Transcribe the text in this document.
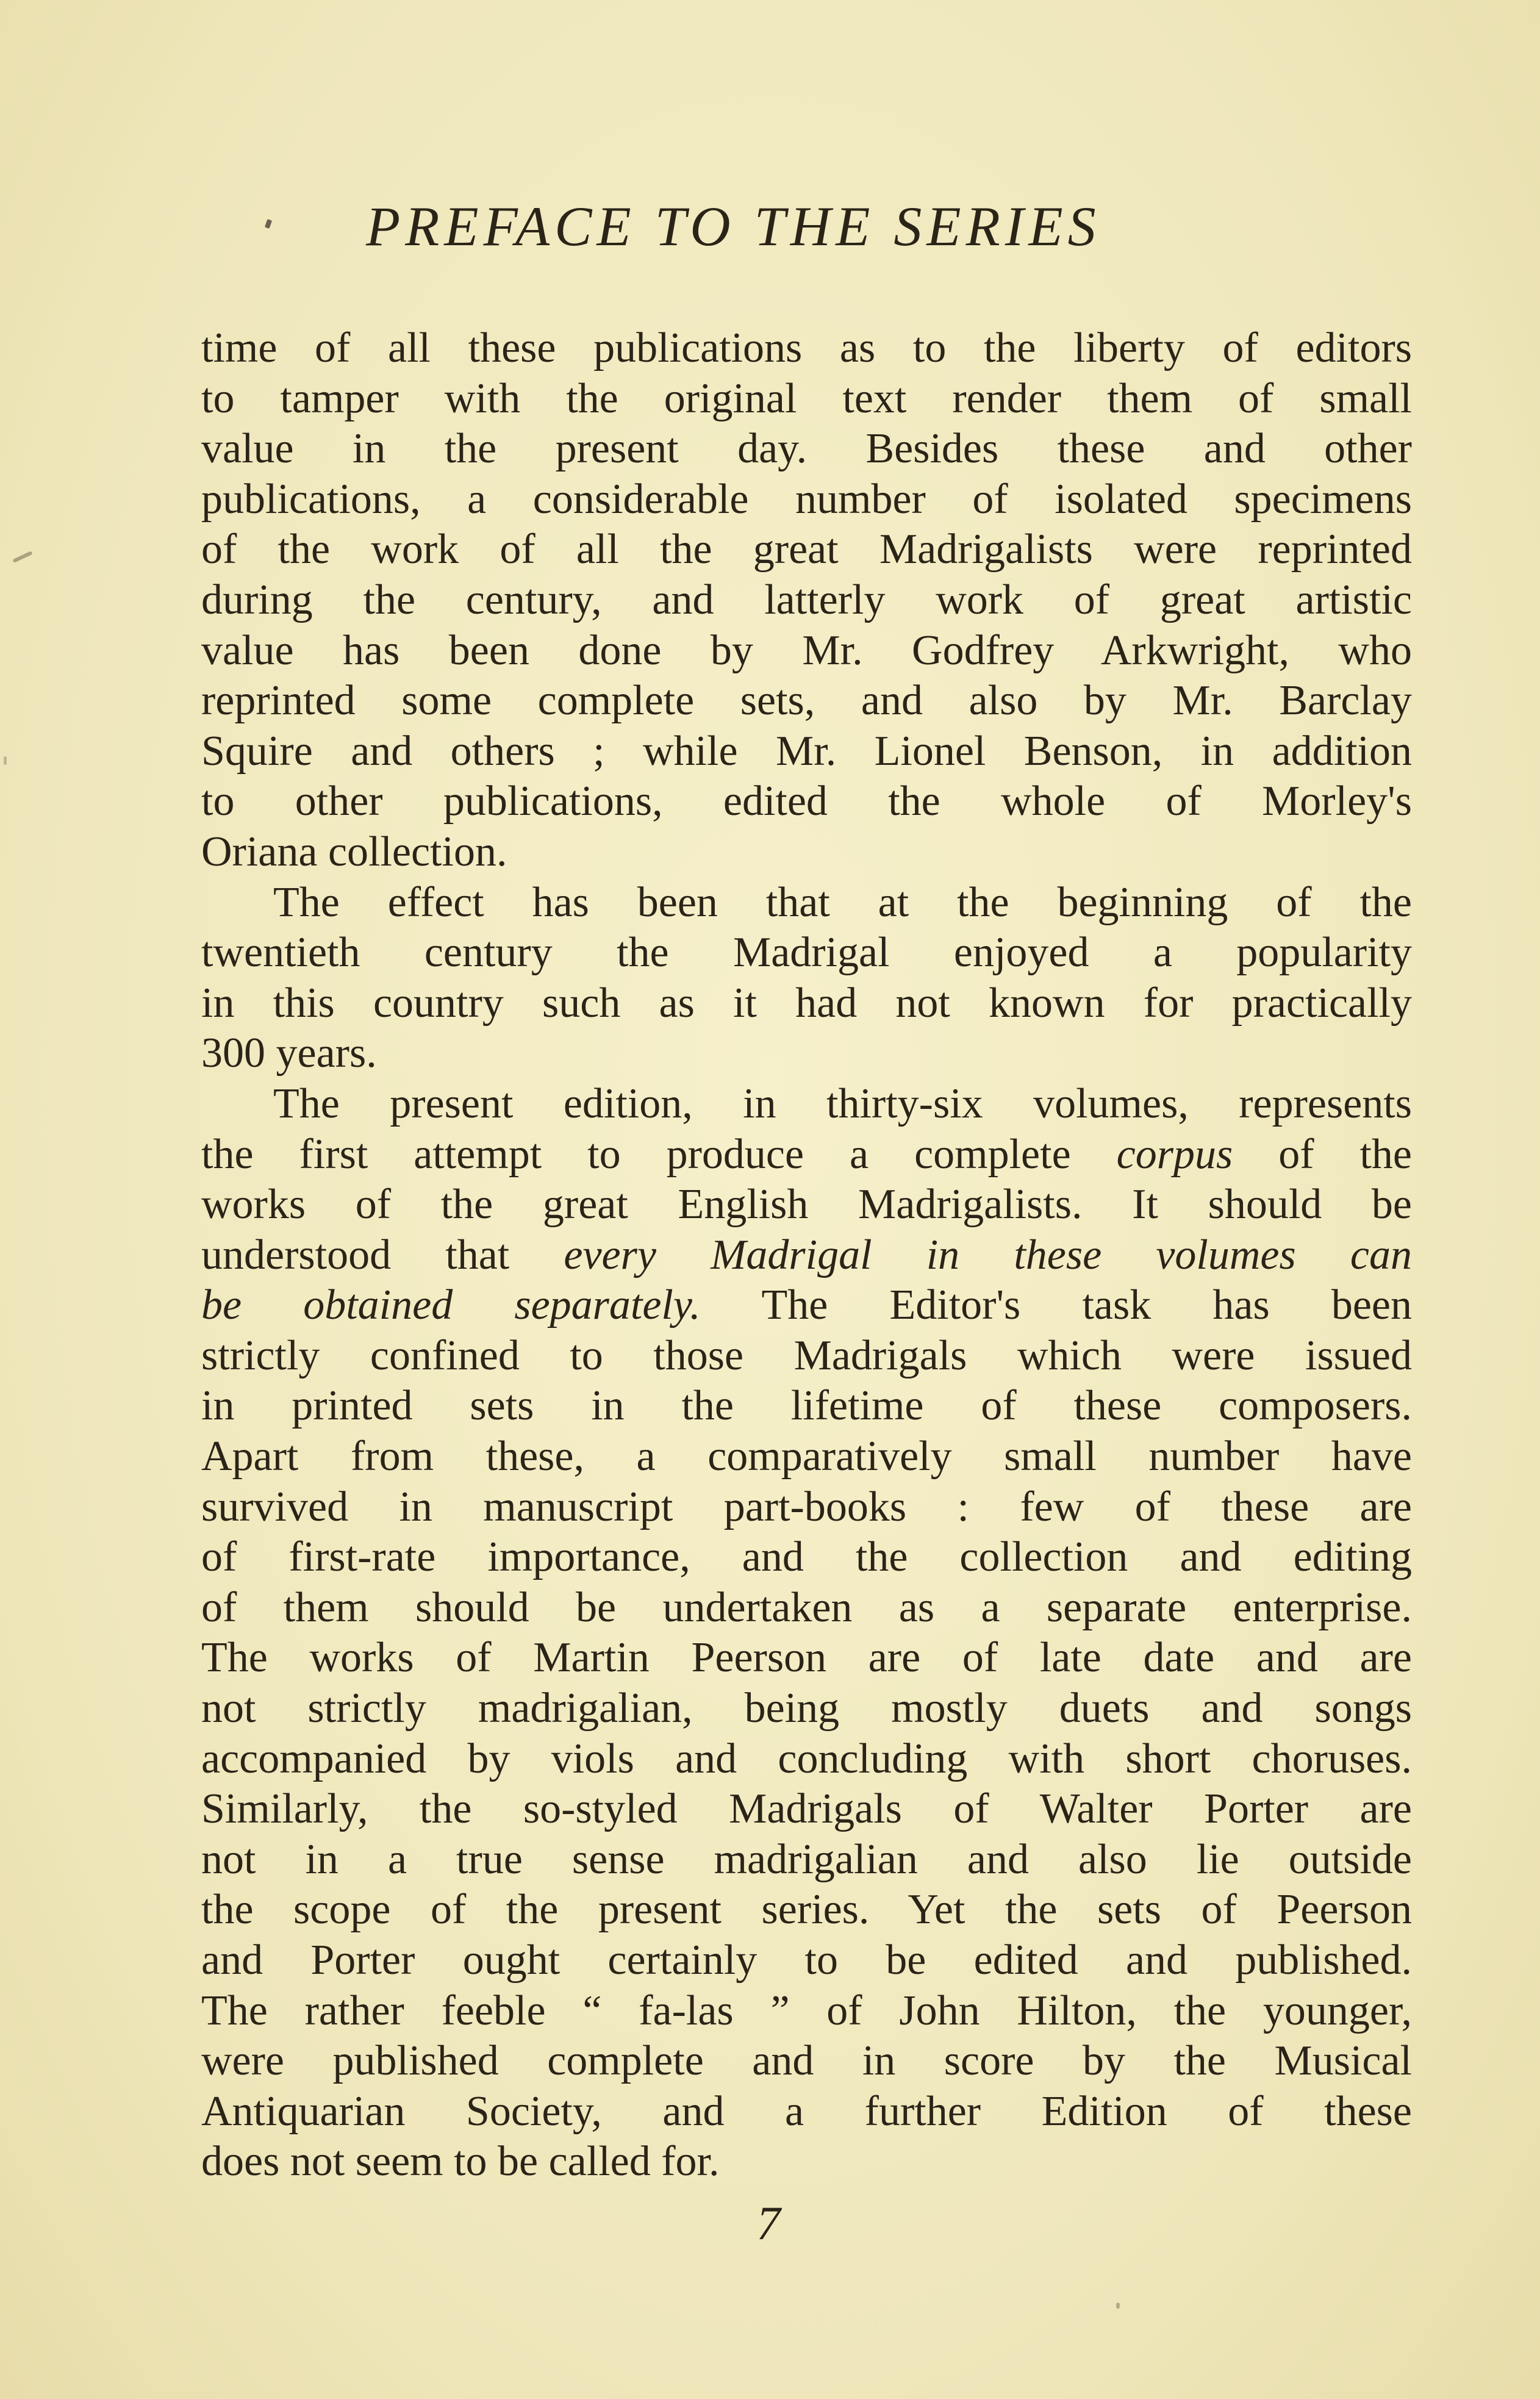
PREFACE TO THE SERIES
time of all these publications as to the liberty of editors
to tamper with the original text render them of small
value in the present day. Besides these and other
publications, a considerable number of isolated specimens
of the work of all the great Madrigalists were reprinted
during the century, and latterly work of great artistic
value has been done by Mr. Godfrey Arkwright, who
reprinted some complete sets, and also by Mr. Barclay
Squire and others ; while Mr. Lionel Benson, in addition
to other publications, edited the whole of Morley's
Oriana collection.
The effect has been that at the beginning of the
twentieth century the Madrigal enjoyed a popularity
in this country such as it had not known for practically
300 years.
The present edition, in thirty-six volumes, represents
the first attempt to produce a complete corpus of the
works of the great English Madrigalists. It should be
understood that every Madrigal in these volumes can
be obtained separately. The Editor's task has been
strictly confined to those Madrigals which were issued
in printed sets in the lifetime of these composers.
Apart from these, a comparatively small number have
survived in manuscript part-books : few of these are
of first-rate importance, and the collection and editing
of them should be undertaken as a separate enterprise.
The works of Martin Peerson are of late date and are
not strictly madrigalian, being mostly duets and songs
accompanied by viols and concluding with short choruses.
Similarly, the so-styled Madrigals of Walter Porter are
not in a true sense madrigalian and also lie outside
the scope of the present series. Yet the sets of Peerson
and Porter ought certainly to be edited and published.
The rather feeble “ fa-las ” of John Hilton, the younger,
were published complete and in score by the Musical
Antiquarian Society, and a further Edition of these
does not seem to be called for.
7
